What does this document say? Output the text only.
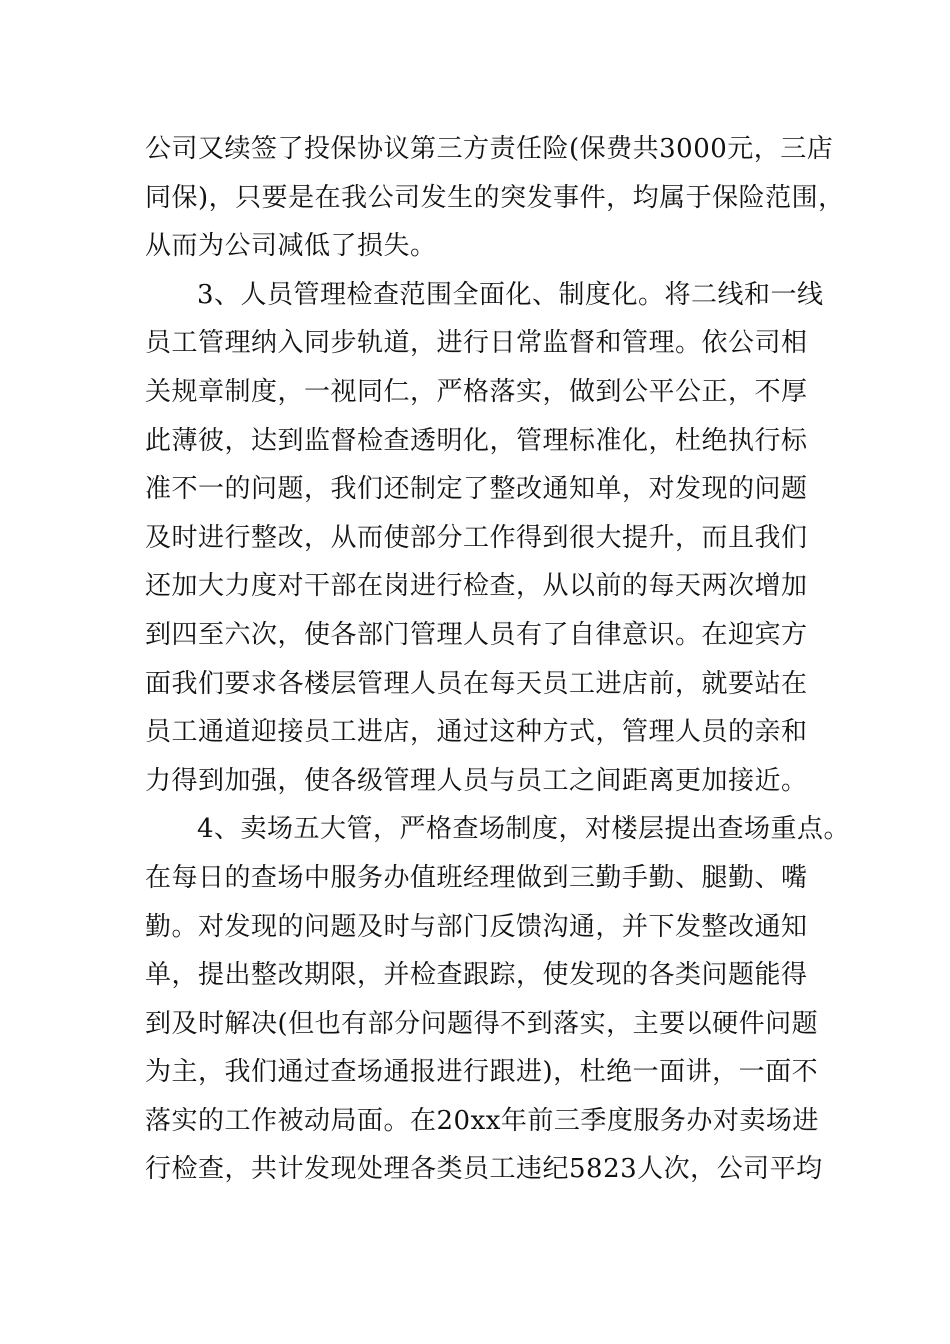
公司又续签了投保协议第三方责任险(保费共3000元，三店
同保)，只要是在我公司发生的突发事件，均属于保险范围，
从而为公司减低了损失。
3、人员管理检查范围全面化、制度化。将二线和一线
员工管理纳入同步轨道，进行日常监督和管理。依公司相
关规章制度，一视同仁，严格落实，做到公平公正，不厚
此薄彼，达到监督检查透明化，管理标准化，杜绝执行标
准不一的问题，我们还制定了整改通知单，对发现的问题
及时进行整改，从而使部分工作得到很大提升，而且我们
还加大力度对干部在岗进行检查，从以前的每天两次增加
到四至六次，使各部门管理人员有了自律意识。在迎宾方
面我们要求各楼层管理人员在每天员工进店前，就要站在
员工通道迎接员工进店，通过这种方式，管理人员的亲和
力得到加强，使各级管理人员与员工之间距离更加接近。
4、卖场五大管，严格查场制度，对楼层提出查场重点。
在每日的查场中服务办值班经理做到三勤手勤、腿勤、嘴
勤。对发现的问题及时与部门反馈沟通，并下发整改通知
单，提出整改期限，并检查跟踪，使发现的各类问题能得
到及时解决(但也有部分问题得不到落实，主要以硬件问题
为主，我们通过查场通报进行跟进)，杜绝一面讲，一面不
落实的工作被动局面。在20xx年前三季度服务办对卖场进
行检查，共计发现处理各类员工违纪5823人次，公司平均
